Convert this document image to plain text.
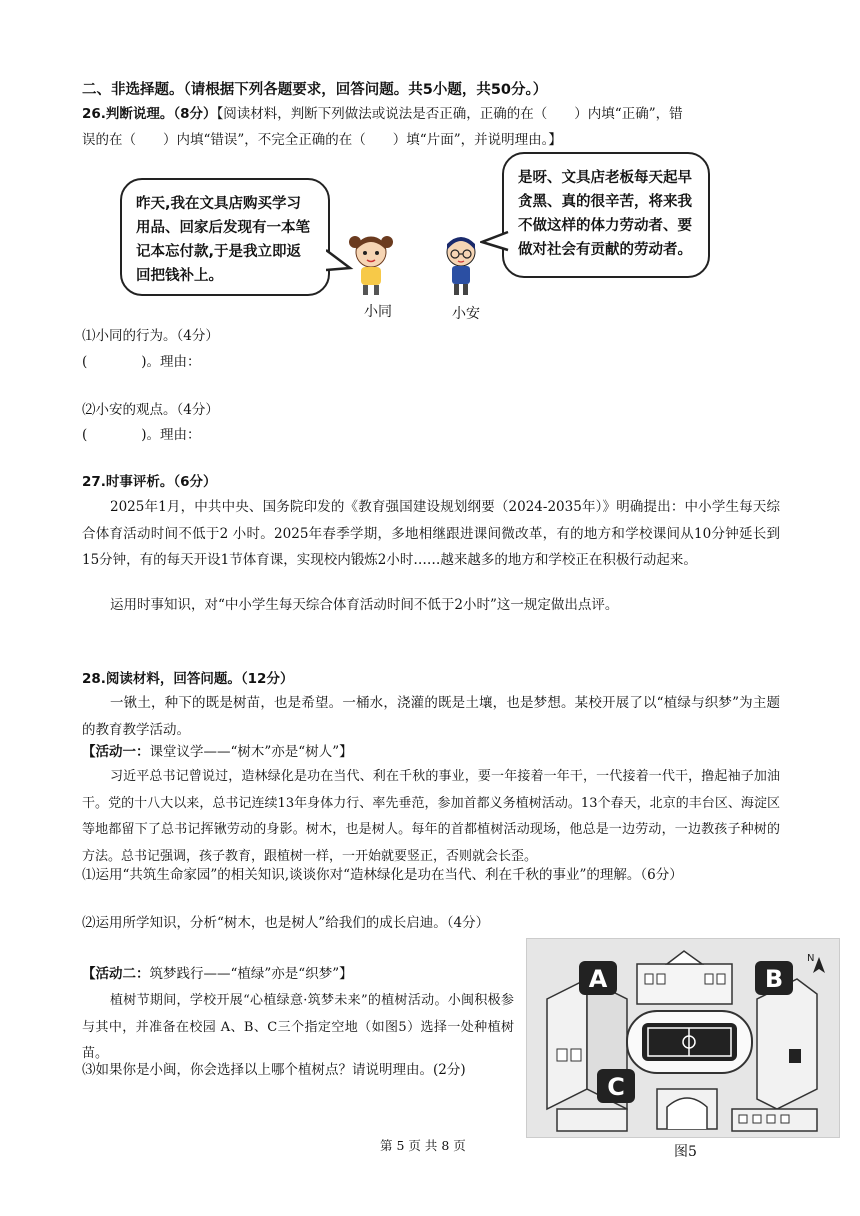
二、非选择题。（请根据下列各题要求，回答问题。共5小题，共50分。）
26.判断说理。（8分）【阅读材料，判断下列做法或说法是否正确，正确的在（　　）内填“正确”，错
误的在（　　）内填“错误”，不完全正确的在（　　）填“片面”，并说明理由。】
昨天,我在文具店购买学习用品、回家后发现有一本笔记本忘付款,于是我立即返回把钱补上。
是呀、文具店老板每天起早贪黑、真的很辛苦，将来我不做这样的体力劳动者、要做对社会有贡献的劳动者。
小同	小安
⑴小同的行为。（4分）
(　　　　)。理由：
⑵小安的观点。（4分）
(　　　　)。理由：
27.时事评析。（6分）
2025年1月，中共中央、国务院印发的《教育强国建设规划纲要（2024-2035年）》明确提出：中小学生每天综合体育活动时间不低于2 小时。2025年春季学期，多地相继跟进课间微改革，有的地方和学校课间从10分钟延长到15分钟，有的每天开设1节体育课，实现校内锻炼2小时……越来越多的地方和学校正在积极行动起来。
运用时事知识，对“中小学生每天综合体育活动时间不低于2小时”这一规定做出点评。
28.阅读材料，回答问题。（12分）
一锹土，种下的既是树苗，也是希望。一桶水，浇灌的既是土壤，也是梦想。某校开展了以“植绿与织梦”为主题的教育教学活动。
【活动一：课堂议学——“树木”亦是“树人”】
习近平总书记曾说过，造林绿化是功在当代、利在千秋的事业，要一年接着一年干，一代接着一代干，撸起袖子加油干。党的十八大以来，总书记连续13年身体力行、率先垂范，参加首都义务植树活动。13个春天，北京的丰台区、海淀区等地都留下了总书记挥锹劳动的身影。树木，也是树人。每年的首都植树活动现场，他总是一边劳动，一边教孩子种树的方法。总书记强调，孩子教育，跟植树一样，一开始就要竖正，否则就会长歪。
⑴运用“共筑生命家园”的相关知识,谈谈你对“造林绿化是功在当代、利在千秋的事业”的理解。（6分）
⑵运用所学知识，分析“树木，也是树人”给我们的成长启迪。（4分）
【活动二：筑梦践行——“植绿”亦是“织梦”】
植树节期间，学校开展“心植绿意·筑梦未来”的植树活动。小闽积极参与其中，并准备在校园 A、B、C三个指定空地（如图5）选择一处种植树苗。
⑶如果你是小闽，你会选择以上哪个植树点？请说明理由。(2分)
A	B
C
N
图5
第 5 页 共 8 页
